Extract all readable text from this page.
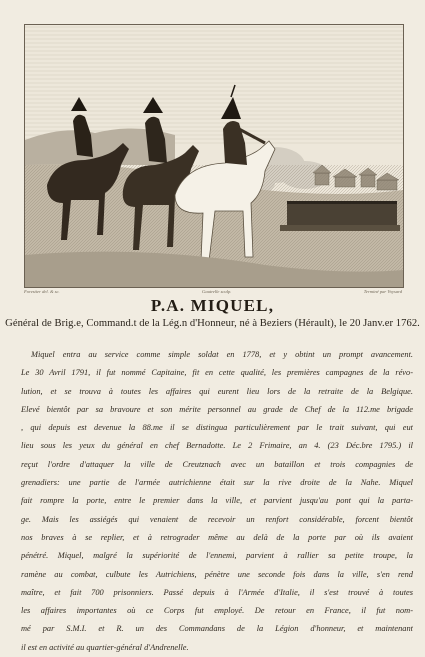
Forestier del. & sc.	Gautrelle sculp.	Terminé par Voysard
P.A. MIQUEL,
Général de Brig.e, Command.t de la Lég.n d'Honneur, né à Beziers (Hérault), le 20 Janv.er 1762.
Miquel entra au service comme simple soldat en 1778, et y obtint un prompt avancement.
Le 30 Avril 1791, il fut nommé Capitaine, fit en cette qualité, les premières campagnes de la révo-
lution, et se trouva à toutes les affaires qui eurent lieu lors de la retraite de la Belgique.
Elevé bientôt par sa bravoure et son mérite personnel au grade de Chef de la 112.me brigade
, qui depuis est devenue la 88.me il se distingua particulièrement par le trait suivant, qui eut
lieu sous les yeux du général en chef Bernadotte. Le 2 Frimaire, an 4. (23 Déc.bre 1795.) il
reçut l'ordre d'attaquer la ville de Creutznach avec un bataillon et trois compagnies de
grenadiers: une partie de l'armée autrichienne était sur la rive droite de la Nahe. Miquel
fait rompre la porte, entre le premier dans la ville, et parvient jusqu'au pont qui la parta-
ge. Mais les assiégés qui venaient de recevoir un renfort considérable, forcent bientôt
nos braves à se replier, et à retrograder même au delà de la porte par où ils avaient
pénétré. Miquel, malgré la supériorité de l'ennemi, parvient à rallier sa petite troupe, la
ramène au combat, culbute les Autrichiens, pénètre une seconde fois dans la ville, s'en rend
maître, et fait 700 prisonniers. Passé depuis à l'Armée d'Italie, il s'est trouvé à toutes
les affaires importantes où ce Corps fut employé. De retour en France, il fut nom-
mé par S.M.I. et R. un des Commandans de la Légion d'honneur, et maintenant
il est en activité au quartier-général d'Andrenelle.
